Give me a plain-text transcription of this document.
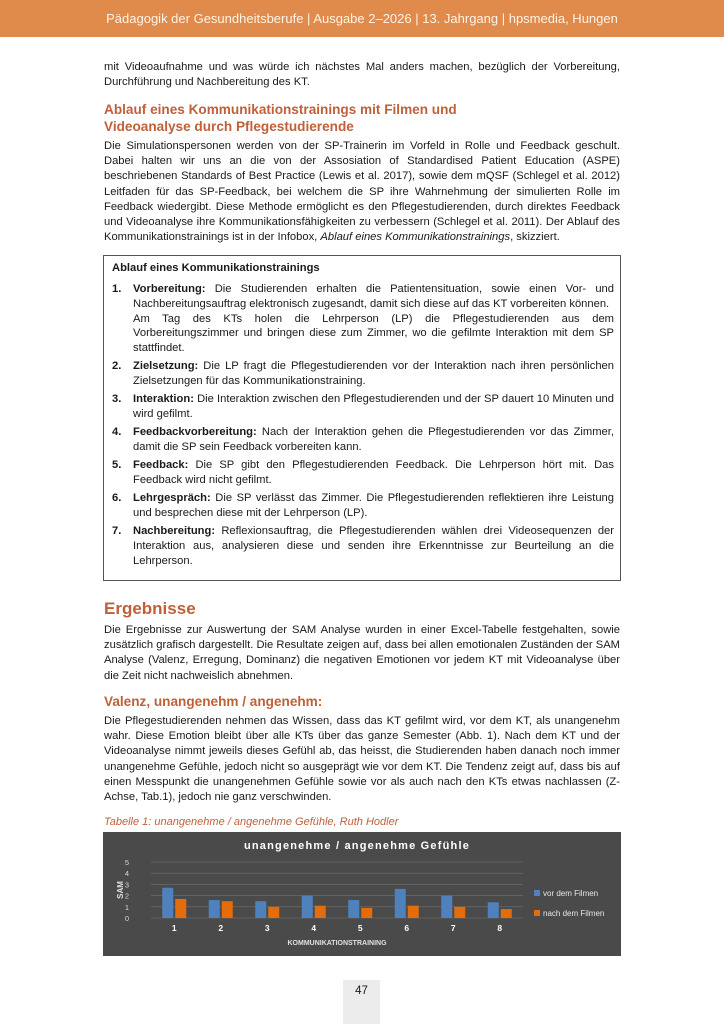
Pädagogik der Gesundheitsberufe | Ausgabe 2–2026 | 13. Jahrgang | hpsmedia, Hungen

mit Videoaufnahme und was würde ich nächstes Mal anders machen, bezüglich der Vorbereitung, Durchführung und Nachbereitung des KT.

Ablauf eines Kommunikationstrainings mit Filmen und
Videoanalyse durch Pflegestudierende

Die Simulationspersonen werden von der SP-Trainerin im Vorfeld in Rolle und Feedback geschult. Dabei halten wir uns an die von der Assosiation of Standardised Patient Education (ASPE) beschriebenen Standards of Best Practice (Lewis et al. 2017), sowie dem mQSF (Schlegel et al. 2012) Leitfaden für das SP-Feedback, bei welchem die SP ihre Wahrnehmung der simulierten Rolle im Feedback wiedergibt. Diese Methode ermöglicht es den Pflegestudierenden, durch direktes Feedback und Videoanalyse ihre Kommunikationsfähigkeiten zu verbessern (Schlegel et al. 2011). Der Ablauf des Kommunikationstrainings ist in der Infobox, Ablauf eines Kommunikationstrainings, skizziert.

Ablauf eines Kommunikationstrainings
1. Vorbereitung: Die Studierenden erhalten die Patientensituation, sowie einen Vor- und Nachbereitungsauftrag elektronisch zugesandt, damit sich diese auf das KT vorbereiten können.
Am Tag des KTs holen die Lehrperson (LP) die Pflegestudierenden aus dem Vorbereitungszimmer und bringen diese zum Zimmer, wo die gefilmte Interaktion mit dem SP stattfindet.
2. Zielsetzung: Die LP fragt die Pflegestudierenden vor der Interaktion nach ihren persönlichen Zielsetzungen für das Kommunikationstraining.
3. Interaktion: Die Interaktion zwischen den Pflegestudierenden und der SP dauert 10 Minuten und wird gefilmt.
4. Feedbackvorbereitung: Nach der Interaktion gehen die Pflegestudierenden vor das Zimmer, damit die SP sein Feedback vorbereiten kann.
5. Feedback: Die SP gibt den Pflegestudierenden Feedback. Die Lehrperson hört mit. Das Feedback wird nicht gefilmt.
6. Lehrgespräch: Die SP verlässt das Zimmer. Die Pflegestudierenden reflektieren ihre Leistung und besprechen diese mit der Lehrperson (LP).
7. Nachbereitung: Reflexionsauftrag, die Pflegestudierenden wählen drei Videosequenzen der Interaktion aus, analysieren diese und senden ihre Erkenntnisse zur Beurteilung an die Lehrperson.
Ergebnisse

Die Ergebnisse zur Auswertung der SAM Analyse wurden in einer Excel-Tabelle festgehalten, sowie zusätzlich grafisch dargestellt. Die Resultate zeigen auf, dass bei allen emotionalen Zuständen der SAM Analyse (Valenz, Erregung, Dominanz) die negativen Emotionen vor jedem KT mit Videoanalyse über die Zeit nicht nachweislich abnehmen.

Valenz, unangenehm / angenehm:

Die Pflegestudierenden nehmen das Wissen, dass das KT gefilmt wird, vor dem KT, als unangenehm wahr. Diese Emotion bleibt über alle KTs über das ganze Semester (Abb. 1). Nach dem KT und der Videoanalyse nimmt jeweils dieses Gefühl ab, das heisst, die Studierenden haben danach noch immer unangenehme Gefühle, jedoch nicht so ausgeprägt wie vor dem KT. Die Tendenz zeigt auf, dass bis auf einen Messpunkt die unangenehmen Gefühle sowie vor als auch nach den KTs etwas nachlassen (Z-Achse, Tab.1), jedoch nie ganz verschwinden.

Tabelle 1: unangenehme / angenehme Gefühle, Ruth Hodler
unangenehme / angenehme Gefühle
0
1
2
3
4
5
SAM
1	2	3	4	5	6	7	8
KOMMUNIKATIONSTRAINING
vor dem Filmen
nach dem Filmen
47
